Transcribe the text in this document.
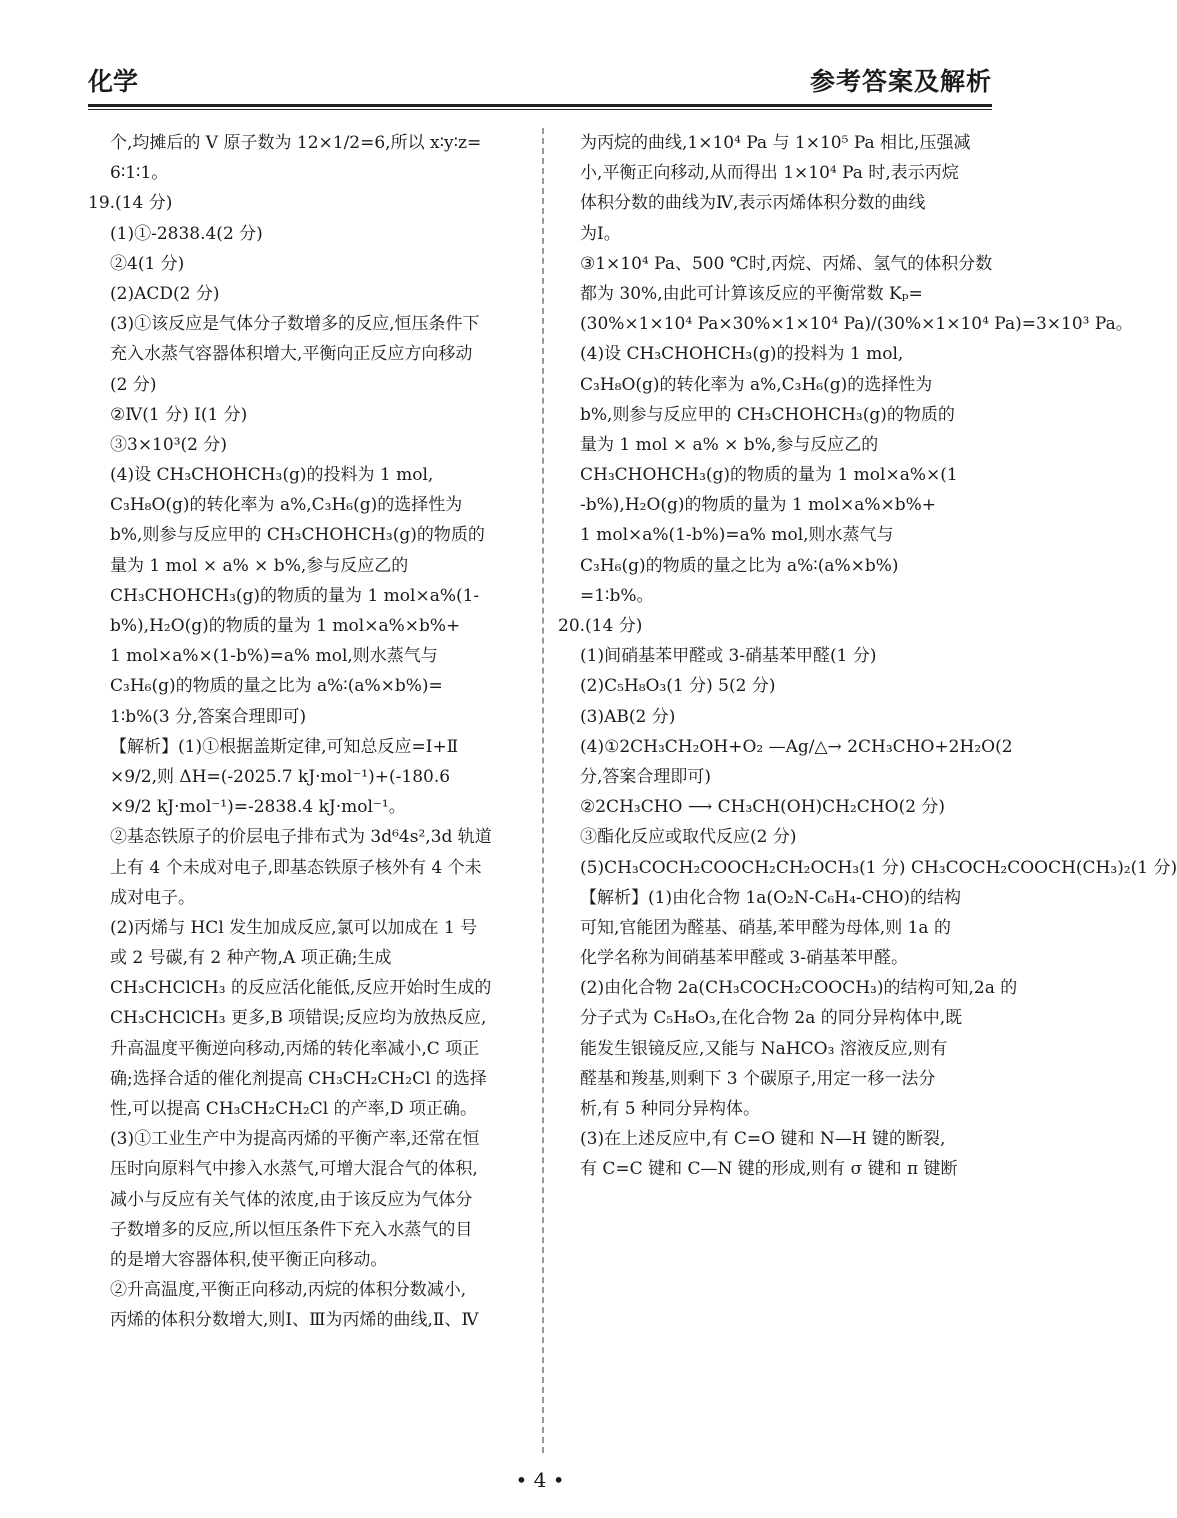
化学	参考答案及解析
个,均摊后的 V 原子数为 12×1/2=6,所以 x∶y∶z=
6∶1∶1。
19.(14 分)
(1)①-2838.4(2 分)
②4(1 分)
(2)ACD(2 分)
(3)①该反应是气体分子数增多的反应,恒压条件下
充入水蒸气容器体积增大,平衡向正反应方向移动
(2 分)
②Ⅳ(1 分) Ⅰ(1 分)
③3×10³(2 分)
(4)设 CH₃CHOHCH₃(g)的投料为 1 mol,
C₃H₈O(g)的转化率为 a%,C₃H₆(g)的选择性为
b%,则参与反应甲的 CH₃CHOHCH₃(g)的物质的
量为 1 mol × a% × b%,参与反应乙的
CH₃CHOHCH₃(g)的物质的量为 1 mol×a%(1-
b%),H₂O(g)的物质的量为 1 mol×a%×b%+
1 mol×a%×(1-b%)=a% mol,则水蒸气与
C₃H₆(g)的物质的量之比为 a%∶(a%×b%)=
1∶b%(3 分,答案合理即可)
【解析】(1)①根据盖斯定律,可知总反应=Ⅰ+Ⅱ
×9/2,则 ΔH=(-2025.7 kJ·mol⁻¹)+(-180.6
×9/2 kJ·mol⁻¹)=-2838.4 kJ·mol⁻¹。
②基态铁原子的价层电子排布式为 3d⁶4s²,3d 轨道
上有 4 个未成对电子,即基态铁原子核外有 4 个未
成对电子。
(2)丙烯与 HCl 发生加成反应,氯可以加成在 1 号
或 2 号碳,有 2 种产物,A 项正确;生成
CH₃CHClCH₃ 的反应活化能低,反应开始时生成的
CH₃CHClCH₃ 更多,B 项错误;反应均为放热反应,
升高温度平衡逆向移动,丙烯的转化率减小,C 项正
确;选择合适的催化剂提高 CH₃CH₂CH₂Cl 的选择
性,可以提高 CH₃CH₂CH₂Cl 的产率,D 项正确。
(3)①工业生产中为提高丙烯的平衡产率,还常在恒
压时向原料气中掺入水蒸气,可增大混合气的体积,
减小与反应有关气体的浓度,由于该反应为气体分
子数增多的反应,所以恒压条件下充入水蒸气的目
的是增大容器体积,使平衡正向移动。
②升高温度,平衡正向移动,丙烷的体积分数减小,
丙烯的体积分数增大,则Ⅰ、Ⅲ为丙烯的曲线,Ⅱ、Ⅳ
为丙烷的曲线,1×10⁴ Pa 与 1×10⁵ Pa 相比,压强减
小,平衡正向移动,从而得出 1×10⁴ Pa 时,表示丙烷
体积分数的曲线为Ⅳ,表示丙烯体积分数的曲线
为Ⅰ。
③1×10⁴ Pa、500 ℃时,丙烷、丙烯、氢气的体积分数
都为 30%,由此可计算该反应的平衡常数 Kₚ=
(30%×1×10⁴ Pa×30%×1×10⁴ Pa)/(30%×1×10⁴ Pa)=3×10³ Pa。
(4)设 CH₃CHOHCH₃(g)的投料为 1 mol,
C₃H₈O(g)的转化率为 a%,C₃H₆(g)的选择性为
b%,则参与反应甲的 CH₃CHOHCH₃(g)的物质的
量为 1 mol × a% × b%,参与反应乙的
CH₃CHOHCH₃(g)的物质的量为 1 mol×a%×(1
-b%),H₂O(g)的物质的量为 1 mol×a%×b%+
1 mol×a%(1-b%)=a% mol,则水蒸气与
C₃H₆(g)的物质的量之比为 a%∶(a%×b%)
=1∶b%。
20.(14 分)
(1)间硝基苯甲醛或 3-硝基苯甲醛(1 分)
(2)C₅H₈O₃(1 分) 5(2 分)
(3)AB(2 分)
(4)①2CH₃CH₂OH+O₂ —Ag/△→ 2CH₃CHO+2H₂O(2
分,答案合理即可)
②2CH₃CHO ⟶ CH₃CH(OH)CH₂CHO(2 分)
③酯化反应或取代反应(2 分)
(5)CH₃COCH₂COOCH₂CH₂OCH₃(1 分) CH₃COCH₂COOCH(CH₃)₂(1 分)
【解析】(1)由化合物 1a(O₂N-C₆H₄-CHO)的结构
可知,官能团为醛基、硝基,苯甲醛为母体,则 1a 的
化学名称为间硝基苯甲醛或 3-硝基苯甲醛。
(2)由化合物 2a(CH₃COCH₂COOCH₃)的结构可知,2a 的
分子式为 C₅H₈O₃,在化合物 2a 的同分异构体中,既
能发生银镜反应,又能与 NaHCO₃ 溶液反应,则有
醛基和羧基,则剩下 3 个碳原子,用定一移一法分
析,有 5 种同分异构体。
(3)在上述反应中,有 C=O 键和 N—H 键的断裂,
有 C=C 键和 C—N 键的形成,则有 σ 键和 π 键断
• 4 •
